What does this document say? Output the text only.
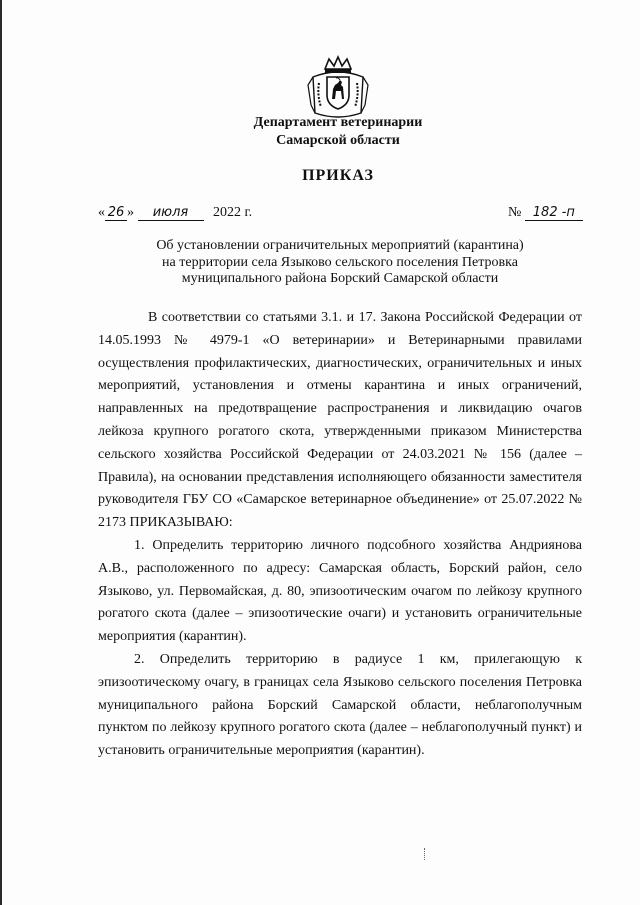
Департамент ветеринарии
Самарской области
ПРИКАЗ
« 26 » июля 2022 г.	№ 182 -п
Об установлении ограничительных мероприятий (карантина)
на территории села Языково сельского поселения Петровка
муниципального района Борский Самарской области

В соответствии со статьями 3.1. и 17. Закона Российской Федерации от 14.05.1993 № 4979-1 «О ветеринарии» и Ветеринарными правилами осуществления профилактических, диагностических, ограничительных и иных мероприятий, установления и отмены карантина и иных ограничений, направленных на предотвращение распространения и ликвидацию очагов лейкоза крупного рогатого скота, утвержденными приказом Министерства сельского хозяйства Российской Федерации от 24.03.2021 № 156 (далее – Правила), на основании представления исполняющего обязанности заместителя руководителя ГБУ СО «Самарское ветеринарное объединение» от 25.07.2022 № 2173 ПРИКАЗЫВАЮ:

1. Определить территорию личного подсобного хозяйства Андриянова А.В., расположенного по адресу: Самарская область, Борский район, село Языково, ул. Первомайская, д. 80, эпизоотическим очагом по лейкозу крупного рогатого скота (далее – эпизоотические очаги) и установить ограничительные мероприятия (карантин).

2. Определить территорию в радиусе 1 км, прилегающую к эпизоотическому очагу, в границах села Языково сельского поселения Петровка муниципального района Борский Самарской области, неблагополучным пунктом по лейкозу крупного рогатого скота (далее – неблагополучный пункт) и установить ограничительные мероприятия (карантин).
